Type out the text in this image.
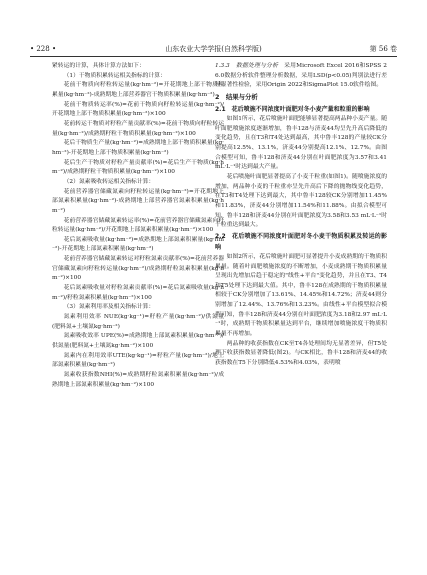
• 228 •	山东农业大学学报(自然科学版)	第 56 卷

紧转运的计算，具体计算方法如下：

（1）干物质积累转运相关指标的计算：

花前干物质向籽粒转运量(kg·hm⁻²)=开花期地上部干物质积累量(kg·hm⁻²)-成熟期地上部营养器官干物质积累量(kg·hm⁻²)

花前干物质转运率(%)=花前干物质向籽粒转运量(kg·hm⁻²)/开花期地上部干物质积累量(kg·hm⁻²)×100

花前转运干物质对籽粒产量贡献率(%)=花前干物质向籽粒转运量(kg·hm⁻²)/成熟期籽粒干物质积累量(kg·hm⁻²)×100

花后干物质生产量(kg·hm⁻²)=成熟期地上部干物质积累量(kg·hm⁻²)-开花期地上部干物质积累量(kg·hm⁻²)

花后生产干物质对籽粒产量贡献率(%)=花后生产干物质(kg·hm⁻²)/成熟期籽粒干物质积累量(kg·hm⁻²)×100

（2）氮素吸收转运相关指标计算：

花前营养器官储藏氮素向籽粒转运量(kg·hm⁻²)=开花期地上部氮素积累量(kg·hm⁻²)-成熟期地上部营养器官氮素积累量(kg·hm⁻²)

花前营养器官储藏氮素转运率(%)=花前营养器官储藏氮素向籽粒转运量(kg·hm⁻²)/开花期地上部氮素积累量(kg·hm⁻²)×100

花后氮素吸收量(kg·hm⁻²)=成熟期地上部氮素积累量(kg·hm⁻²)-开花期地上部氮素积累量(kg·hm⁻²)

花前营养器官储藏氮素转运对籽粒氮素贡献率(%)=花前营养器官储藏氮素向籽粒转运量(kg·hm⁻²)/成熟期籽粒氮素积累量(kg·hm⁻²)×100

花后氮素吸收量对籽粒氮素贡献率(%)=花后氮素吸收量(kg·hm⁻²)/籽粒氮素积累量(kg·hm⁻²)×100

（3）氮素利用率及相关指标计算：

氮素利用效率 NUE(kg·kg⁻¹)=籽粒产量(kg·hm⁻²)/供氮量(肥料氮+土壤氮kg·hm⁻²)

氮素吸收效率 UPE(%)=成熟期地上部氮素积累量(kg·hm⁻²)/供氮量(肥料氮+土壤氮kg·hm⁻²)×100

氮素内在利用效率UTE(kg·kg⁻¹)=籽粒产量(kg·hm⁻²)/地上部氮素积累量(kg·hm⁻²)

氮素收获指数NHI(%)=成熟期籽粒氮素积累量(kg·hm⁻²)/成熟期地上部氮素积累量(kg·hm⁻²)×100

1.3.3　数据处理与分析　 采用Microsoft Excel 2016和SPSS 26.0数据分析软件整理分析数据，采用LSD(p<0.05)判别法进行差异显著性检验，采用Origin 2022和SigmaPlot 15.0软件绘图。

2　结果与分析

2.1　花后喷施不同浓度叶面肥对冬小麦产量和粒重的影响

如图1所示，花后喷施叶面肥能够显著提高两品种小麦产量。随叶面肥喷施浓度逐渐增加，鲁丰128与济麦44均呈先升高后降低的变化趋势，且在T3和T4处达到最高，其中鲁丰128的产量较CK分别提高12.5%、13.1%，济麦44分别提高12.1%、12.7%。由图合模型可知，鲁丰128和济麦44分别在叶面肥浓度为3.57和3.41 mL·L⁻¹时达到最大产量。

花后喷施叶面肥显著提高了小麦千粒重(如图1)。随喷施浓度的增加，两品种小麦的千粒重亦呈先升高后下降的抛物线变化趋势，在T3和T4处理下达到最大，其中鲁丰128较CK分别增加11.45%和11.83%，济麦44分别增加11.54%和11.88%。由拟合模型可知，鲁丰128和济麦44分别在叶面肥浓度为3.58和3.53 mL·L⁻¹时千粒重达到最大。

2.2　花后喷施不同浓度叶面肥对冬小麦干物质积累及转运的影响

如图2所示，花后喷施叶面肥可显著提升小麦成熟期的干物质积累量。随着叶面肥喷施浓度的不断增加，小麦成熟期干物质积累量呈现出先增加后趋于稳定的"线性+平台"变化趋势，并且在T3、T4和T5处理下达到最大值。其中，鲁丰128在成熟期的干物质积累量相较于CK分别增加了13.61%、14.45%和14.72%；济麦44则分别增加了12.44%、13.76%和13.23%。由线性+平台模型拟合模型可知，鲁丰128和济麦44分别在叶面肥浓度为3.18和2.97 mL·L⁻¹时，成熟期干物质积累量达到平台，继续增加喷施浓度干物质积累量不再增加。

两品种的收获指数在CK至T4各处理间均无显著差异，但T5处理下收获指数显著降低(图2)。与CK相比，鲁丰128和济麦44的收获指数在T5下分别降低4.53%和4.03%，表明喷
